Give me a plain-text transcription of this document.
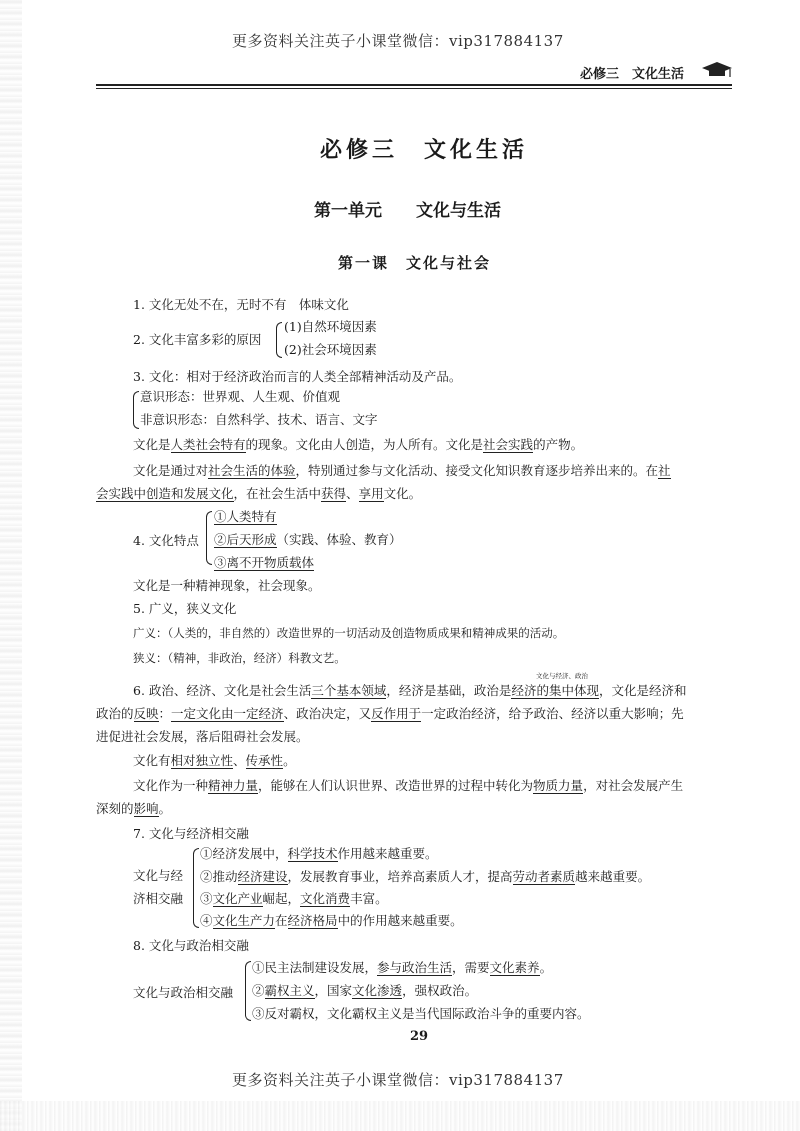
更多资料关注英子小课堂微信：vip317884137
必修三　文化生活
必修三　文化生活
第一单元　　文化与生活
第一课　文化与社会
1. 文化无处不在，无时不有　体味文化
2. 文化丰富多彩的原因
(1)自然环境因素
(2)社会环境因素
3. 文化：相对于经济政治而言的人类全部精神活动及产品。
意识形态：世界观、人生观、价值观
非意识形态：自然科学、技术、语言、文字
文化是人类社会特有的现象。文化由人创造，为人所有。文化是社会实践的产物。
文化是通过对社会生活的体验，特别通过参与文化活动、接受文化知识教育逐步培养出来的。在社
会实践中创造和发展文化，在社会生活中获得、享用文化。
4. 文化特点
①人类特有
②后天形成（实践、体验、教育）
③离不开物质载体
文化是一种精神现象，社会现象。
5. 广义，狭义文化
广义：（人类的，非自然的）改造世界的一切活动及创造物质成果和精神成果的活动。
狭义：（精神，非政治，经济）科教文艺。
文化与经济、政治
6. 政治、经济、文化是社会生活三个基本领域，经济是基础，政治是经济的集中体现，文化是经济和
政治的反映：一定文化由一定经济、政治决定，又反作用于一定政治经济，给予政治、经济以重大影响；先
进促进社会发展，落后阻碍社会发展。
文化有相对独立性、传承性。
文化作为一种精神力量，能够在人们认识世界、改造世界的过程中转化为物质力量，对社会发展产生
深刻的影响。
7. 文化与经济相交融
文化与经
济相交融
①经济发展中，科学技术作用越来越重要。
②推动经济建设，发展教育事业，培养高素质人才，提高劳动者素质越来越重要。
③文化产业崛起，文化消费丰富。
④文化生产力在经济格局中的作用越来越重要。
8. 文化与政治相交融
文化与政治相交融
①民主法制建设发展，参与政治生活，需要文化素养。
②霸权主义，国家文化渗透，强权政治。
③反对霸权，文化霸权主义是当代国际政治斗争的重要内容。
29
更多资料关注英子小课堂微信：vip317884137
